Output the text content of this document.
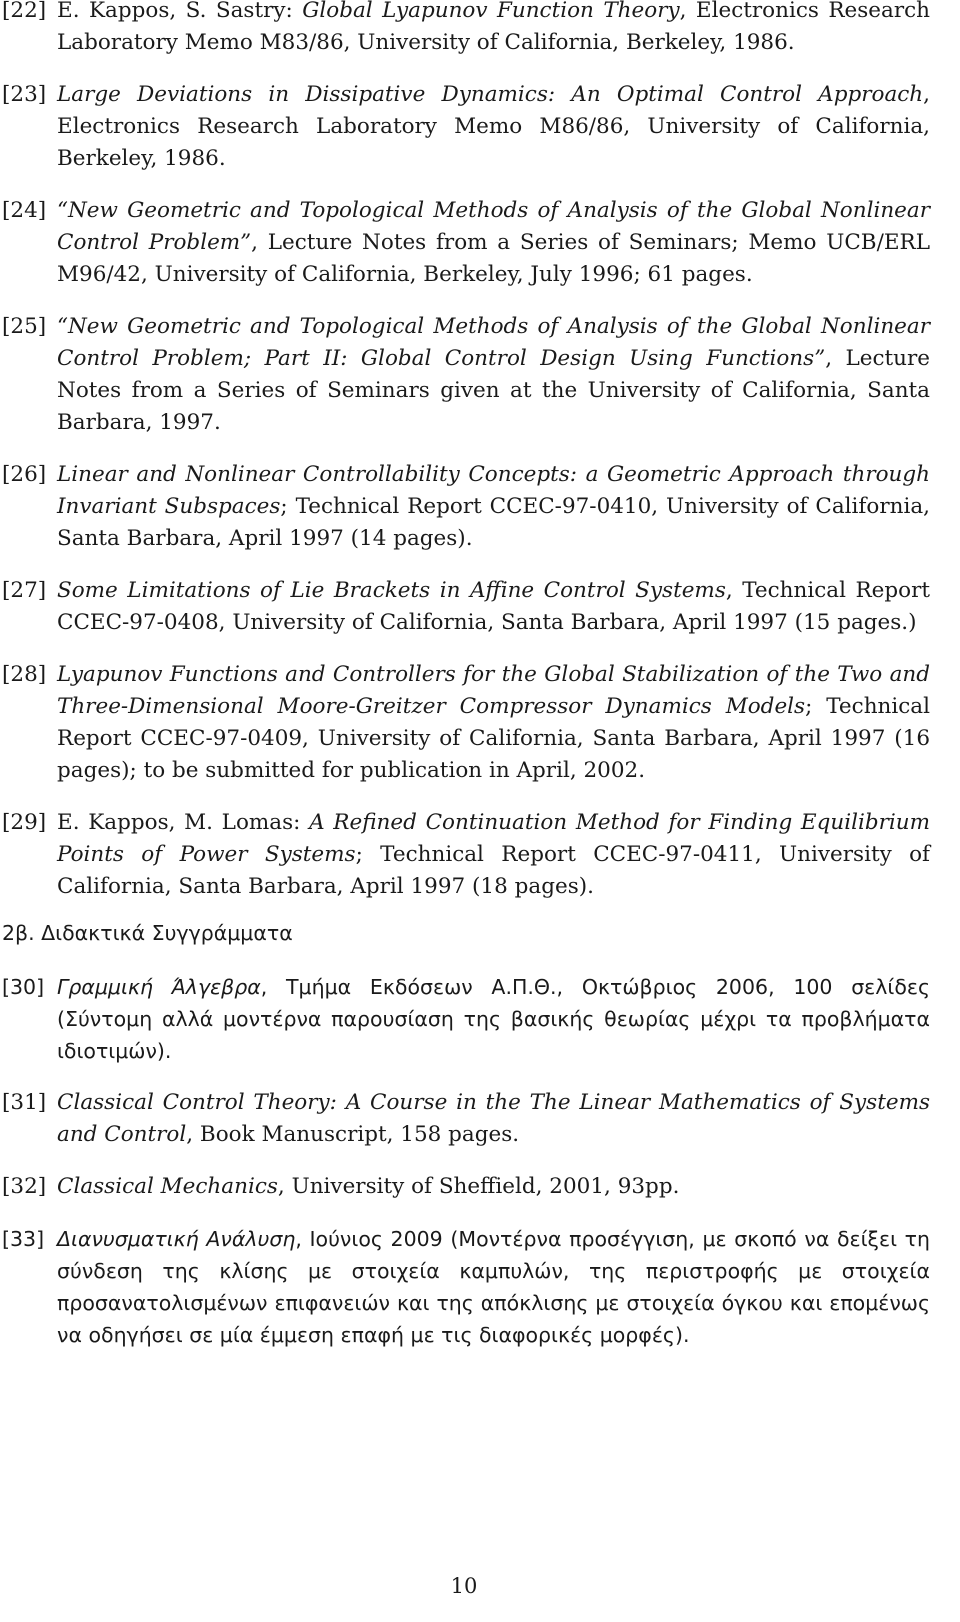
[22] E. Kappos, S. Sastry: Global Lyapunov Function Theory, Electronics Research Laboratory Memo M83/86, University of California, Berkeley, 1986.
[23] Large Deviations in Dissipative Dynamics: An Optimal Control Approach, Electronics Research Laboratory Memo M86/86, University of California, Berkeley, 1986.
[24] “New Geometric and Topological Methods of Analysis of the Global Nonlinear Control Problem”, Lecture Notes from a Series of Seminars; Memo UCB/ERL M96/42, University of California, Berkeley, July 1996; 61 pages.
[25] “New Geometric and Topological Methods of Analysis of the Global Nonlinear Control Problem; Part II: Global Control Design Using Functions”, Lecture Notes from a Series of Seminars given at the University of California, Santa Barbara, 1997.
[26] Linear and Nonlinear Controllability Concepts: a Geometric Approach through Invariant Subspaces; Technical Report CCEC-97-0410, University of California, Santa Barbara, April 1997 (14 pages).
[27] Some Limitations of Lie Brackets in Affine Control Systems, Technical Report CCEC-97-0408, University of California, Santa Barbara, April 1997 (15 pages.)
[28] Lyapunov Functions and Controllers for the Global Stabilization of the Two and Three-Dimensional Moore-Greitzer Compressor Dynamics Models; Technical Report CCEC-97-0409, University of California, Santa Barbara, April 1997 (16 pages); to be submitted for publication in April, 2002.
[29] E. Kappos, M. Lomas: A Refined Continuation Method for Finding Equilibrium Points of Power Systems; Technical Report CCEC-97-0411, University of California, Santa Barbara, April 1997 (18 pages).
2β. Διδακτικά Συγγράμματα
[30] Γραμμική Άλγεβρα, Τμήμα Εκδόσεων Α.Π.Θ., Οκτώβριος 2006, 100 σελίδες (Σύντομη αλλά μοντέρνα παρουσίαση της βασικής θεωρίας μέχρι τα προβλήματα ιδιοτιμών).
[31] Classical Control Theory: A Course in the The Linear Mathematics of Systems and Control, Book Manuscript, 158 pages.
[32] Classical Mechanics, University of Sheffield, 2001, 93pp.
[33] Διανυσματική Ανάλυση, Ιούνιος 2009 (Μοντέρνα προσέγγιση, με σκοπό να δείξει τη σύνδεση της κλίσης με στοιχεία καμπυλών, της περιστροφής με στοιχεία προσανατολισμένων επιφανειών και της απόκλισης με στοιχεία όγκου και επομένως να οδηγήσει σε μία έμμεση επαφή με τις διαφορικές μορφές).
10
